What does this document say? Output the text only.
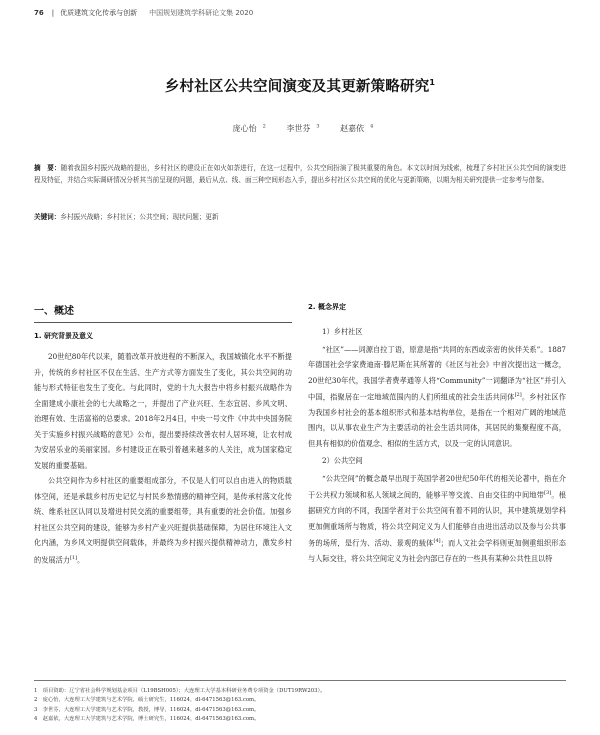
76 | 优质建筑文化传承与创新 中国规划建筑学科研论文集 2020
乡村社区公共空间演变及其更新策略研究$^1$
庞心怡 $^2$	李世芬 $^3$	赵嘉依 $^4$
摘　要：随着我国乡村振兴战略的提出，乡村社区的建设正在如火如荼进行，在这一过程中，公共空间扮演了极其重要的角色。本文以时间为线索，梳理了乡村社区公共空间的演变进程及特征，并结合实际调研情况分析其当前呈现的问题，最后从点、线、面三种空间形态入手，提出乡村社区公共空间的优化与更新策略，以期为相关研究提供一定参考与借鉴。
关键词：乡村振兴战略；乡村社区；公共空间；现状问题；更新
一、概述
1. 研究背景及意义

20世纪80年代以来，随着改革开放进程的不断深入，我国城镇化水平不断提升，传统的乡村社区不仅在生活、生产方式等方面发生了变化，其公共空间的功能与形式特征也发生了变化。与此同时，党的十九大报告中将乡村振兴战略作为全面建成小康社会的七大战略之一，并提出了产业兴旺、生态宜居、乡风文明、治理有效、生活富裕的总要求。2018年2月4日，中央一号文件《中共中央国务院关于实施乡村振兴战略的意见》公布，提出要持续改善农村人居环境，让农村成为安居乐业的美丽家园。乡村建设正在吸引着越来越多的人关注，成为国家稳定发展的重要基础。

公共空间作为乡村社区的重要组成部分，不仅是人们可以自由进入的物质载体空间，还是承载乡村历史记忆与村民乡愁情感的精神空间，是传承村落文化传统、维系社区认同以及增进村民交流的重要组带，具有重要的社会价值。加强乡村社区公共空间的建设，能够为乡村产业兴旺提供基础保障，为居住环境注入文化内涵，为乡风文明提供空间载体，并最终为乡村振兴提供精神动力，激发乡村的发展活力[1]。

2. 概念界定
1）乡村社区

“社区”——词源自拉丁语，原意是指“共同的东西或亲密的伙伴关系”。1887年德国社会学家费迪南·滕尼斯在其所著的《社区与社会》中首次提出这一概念，20世纪30年代，我国学者费孝通等人将“Community”一词翻译为“社区”并引入中国，指聚居在一定地域范围内的人们所组成的社会生活共同体[2]。乡村社区作为我国乡村社会的基本组织形式和基本结构单位，是指在一个相对广阔的地域范围内，以从事农业生产为主要活动的社会生活共同体，其居民的集聚程度不高，但具有相似的价值观念、相似的生活方式，以及一定的认同意识。

2）公共空间

“公共空间”的概念最早出现于英国学者20世纪50年代的相关论著中，指在介于公共权力领域和私人领域之间的，能够平等交流、自由交往的中间地带[3]。根据研究方向的不同，我国学者对于公共空间有着不同的认识，其中建筑规划学科更加侧重场所与物质，将公共空间定义为人们能够自由进出活动以及参与公共事务的场所，是行为、活动、景观的载体[4]；而人文社会学科则更加侧重组织形态与人际交往，将公共空间定义为社会内部已存在的一些具有某种公共性且以特

1　项目资助：辽宁省社会科学规划基金项目（L19BSH005）；大连理工大学基本科研业务费专项资金（DUT19RW203）。
2　庞心怡，大连理工大学建筑与艺术学院，硕士研究生，116024，dl-6471563@163.com。
3　李世芬，大连理工大学建筑与艺术学院，教授，博导，116024，dl-6471563@163.com。
4　赵嘉依，大连理工大学建筑与艺术学院，博士研究生，116024，dl-6471563@163.com。
